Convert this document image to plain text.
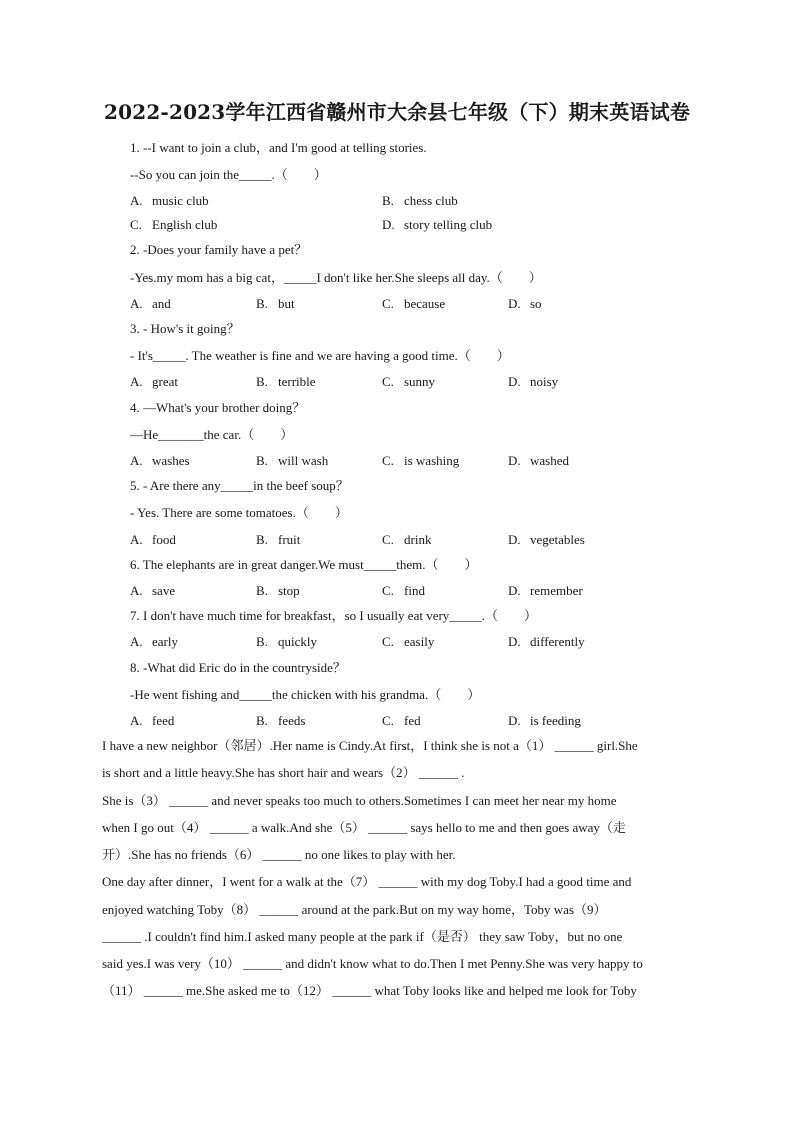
2022-2023学年江西省赣州市大余县七年级（下）期末英语试卷
1. --I want to join a club，and I'm good at telling stories.
--So you can join the_____.（　　）
A. music club	B. chess club
C. English club	D. story telling club
2. -Does your family have a pet？
-Yes.my mom has a big cat，_____I don't like her.She sleeps all day.（　　）
A. and	B. but	C. because	D. so
3. - How's it going？
- It's_____. The weather is fine and we are having a good time.（　　）
A. great	B. terrible	C. sunny	D. noisy
4. —What's your brother doing？
—He_______the car.（　　）
A. washes	B. will wash	C. is washing	D. washed
5. - Are there any_____in the beef soup？
- Yes. There are some tomatoes.（　　）
A. food	B. fruit	C. drink	D. vegetables
6. The elephants are in great danger.We must_____them.（　　）
A. save	B. stop	C. find	D. remember
7. I don't have much time for breakfast，so I usually eat very_____.（　　）
A. early	B. quickly	C. easily	D. differently
8. -What did Eric do in the countryside？
-He went fishing and_____the chicken with his grandma.（　　）
A. feed	B. feeds	C. fed	D. is feeding
I have a new neighbor（邻居）.Her name is Cindy.At first，I think she is not a（1） ______ girl.She
is short and a little heavy.She has short hair and wears（2） ______ .
She is（3） ______ and never speaks too much to others.Sometimes I can meet her near my home
when I go out（4） ______ a walk.And she（5） ______ says hello to me and then goes away（走
开）.She has no friends（6） ______ no one likes to play with her.
One day after dinner，I went for a walk at the（7） ______ with my dog Toby.I had a good time and
enjoyed watching Toby（8） ______ around at the park.But on my way home，Toby was（9）
______ .I couldn't find him.I asked many people at the park if（是否） they saw Toby，but no one
said yes.I was very（10） ______ and didn't know what to do.Then I met Penny.She was very happy to
（11） ______ me.She asked me to（12） ______ what Toby looks like and helped me look for Toby
